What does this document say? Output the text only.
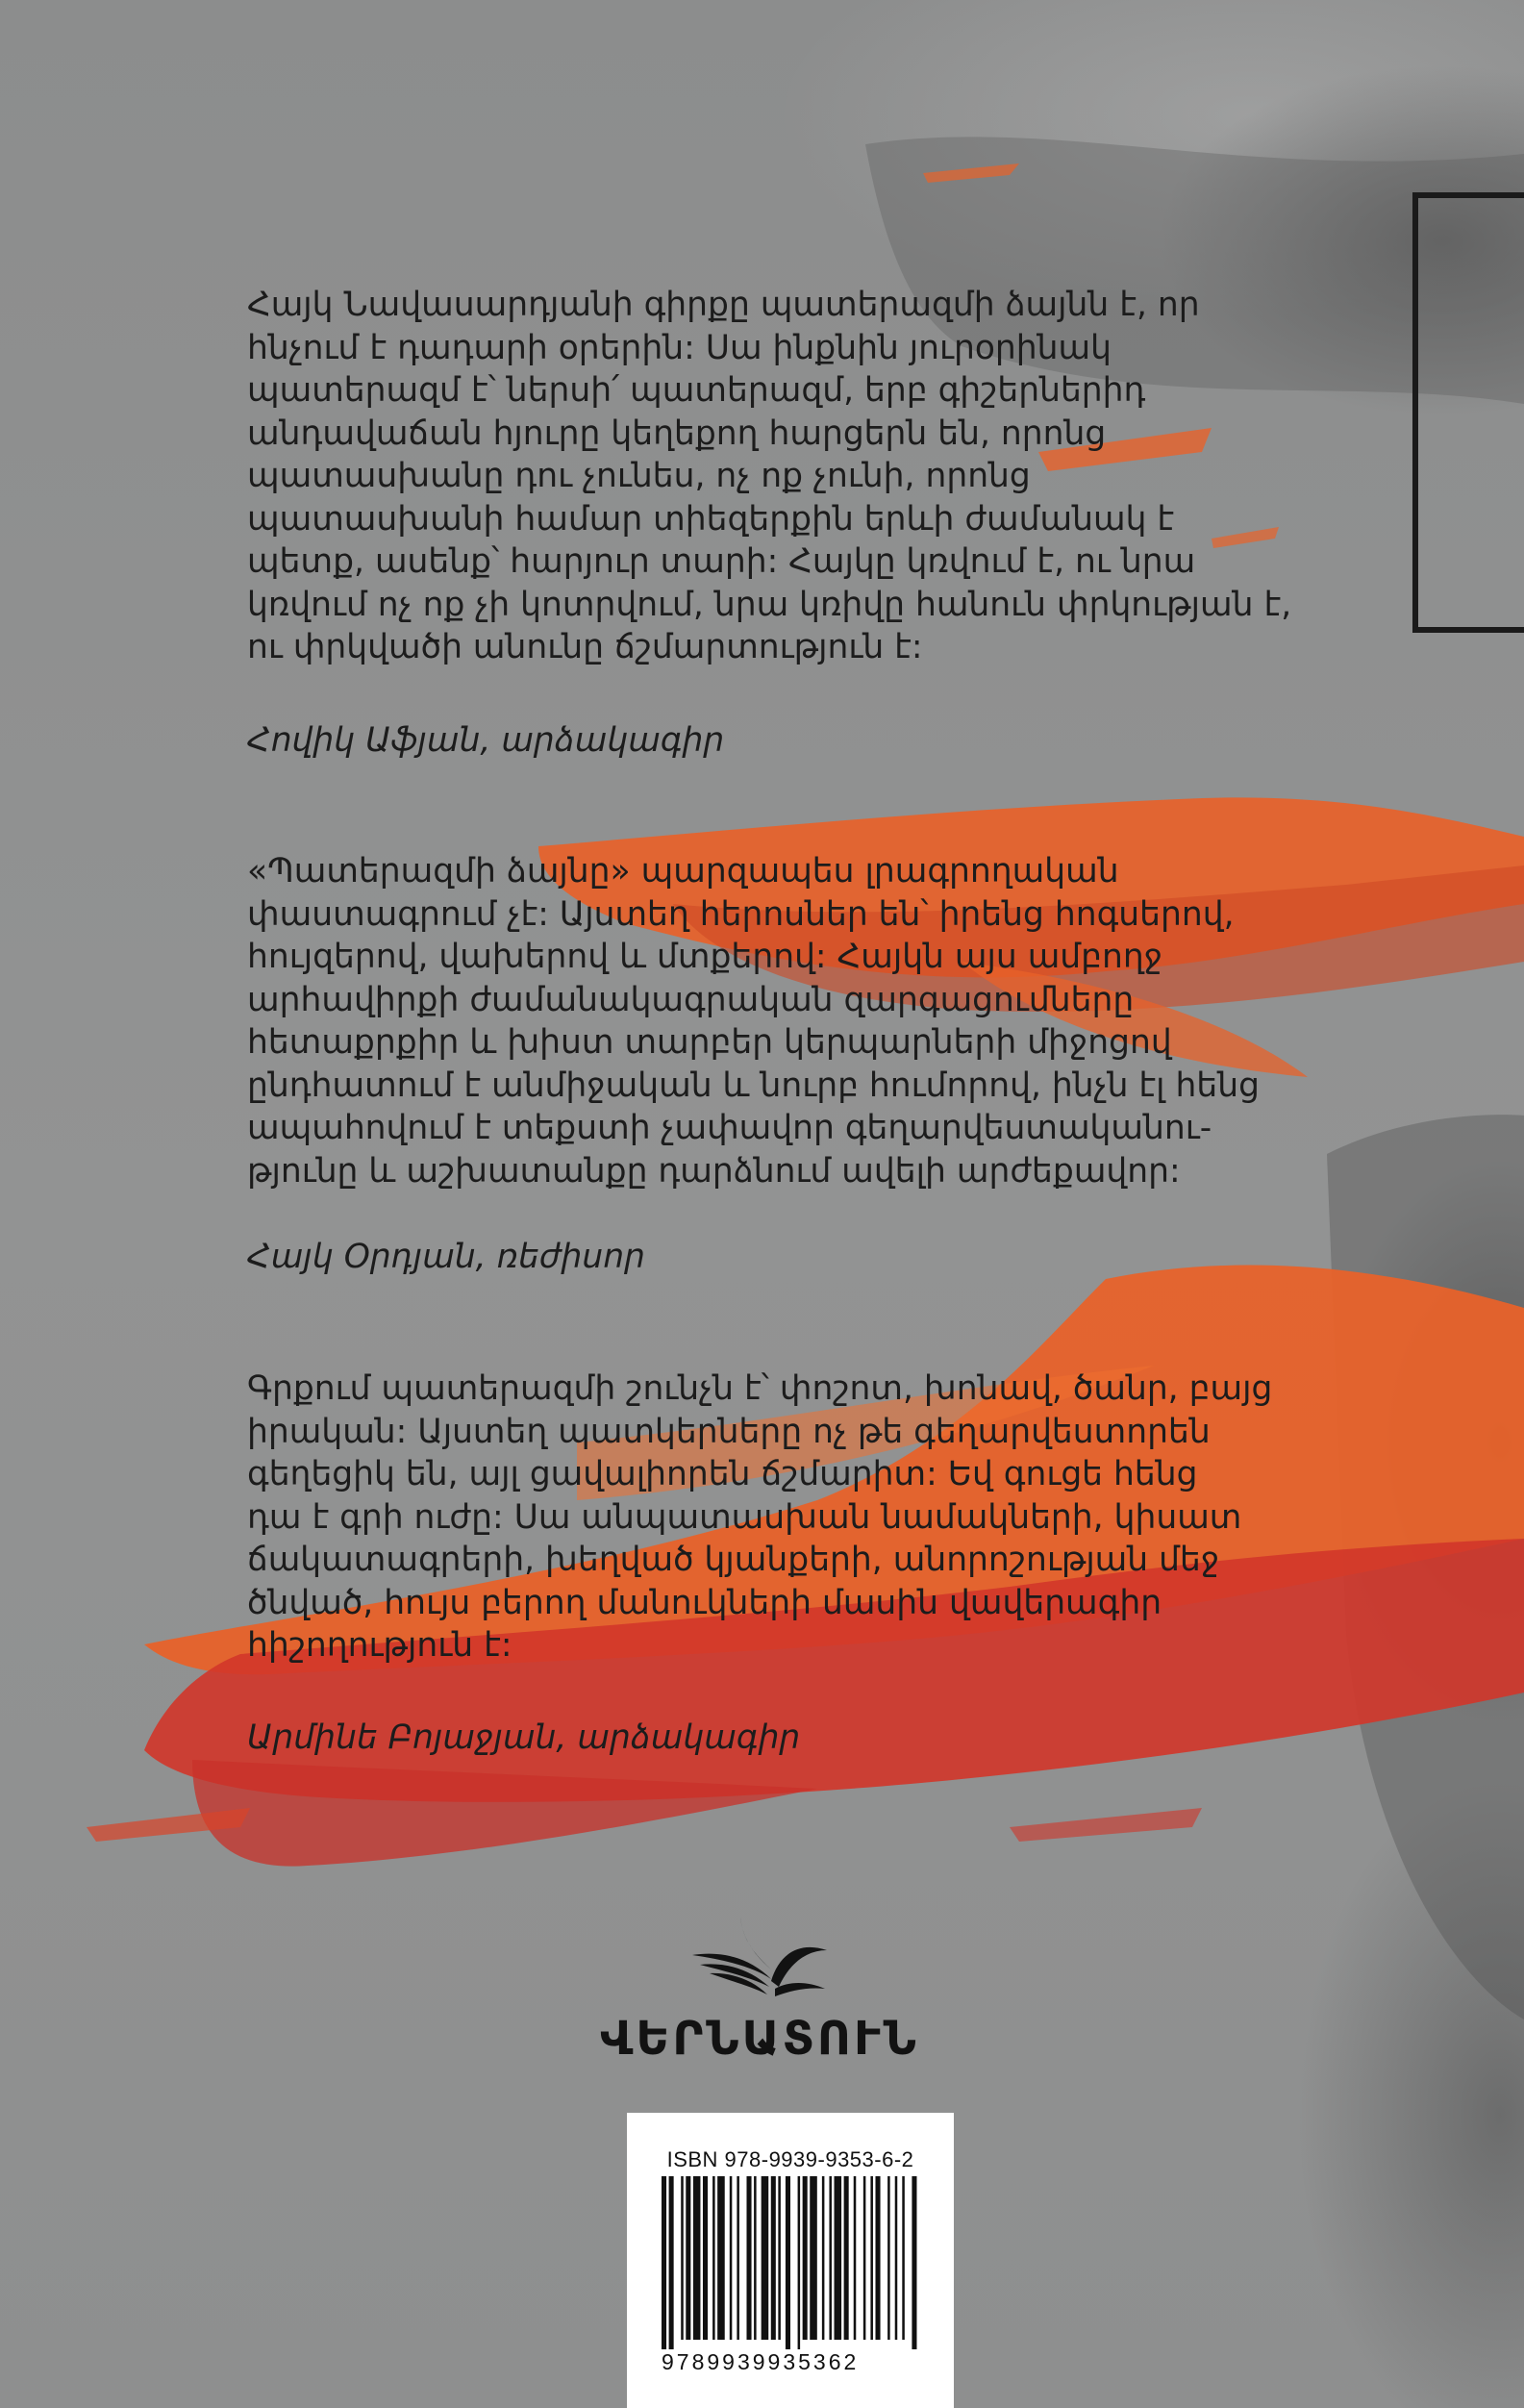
Հայկ Նավասարդյանի գիրքը պատերազմի ձայնն է, որ
հնչում է դադարի օրերին: Սա ինքնին յուրօրինակ
պատերազմ է՝ ներսի՛ պատերազմ, երբ գիշերներիդ
անդավաճան հյուրը կեղեքող հարցերն են, որոնց
պատասխանը դու չունես, ոչ ոք չունի, որոնց
պատասխանի համար տիեզերքին երևի ժամանակ է
պետք, ասենք՝ հարյուր տարի: Հայկը կռվում է, ու նրա
կռվում ոչ ոք չի կոտրվում, նրա կռիվը հանուն փրկության է,
ու փրկվածի անունը ճշմարտություն է:

Հովիկ Աֆյան, արձակագիր

«Պատերազմի ձայնը» պարզապես լրագրողական
փաստագրում չէ: Այստեղ հերոսներ են՝ իրենց հոգսերով,
հույզերով, վախերով և մտքերով: Հայկն այս ամբողջ
արհավիրքի ժամանակագրական զարգացումները
հետաքրքիր և խիստ տարբեր կերպարների միջոցով
ընդհատում է անմիջական և նուրբ հումորով, ինչն էլ հենց
ապահովում է տեքստի չափավոր գեղարվեստականու-
թյունը և աշխատանքը դարձնում ավելի արժեքավոր:

Հայկ Օրդյան, ռեժիսոր

Գրքում պատերազմի շունչն է՝ փոշոտ, խոնավ, ծանր, բայց
իրական: Այստեղ պատկերները ոչ թե գեղարվեստորեն
գեղեցիկ են, այլ ցավալիորեն ճշմարիտ: Եվ գուցե հենց
դա է գրի ուժը: Սա անպատասխան նամակների, կիսատ
ճակատագրերի, խեղված կյանքերի, անորոշության մեջ
ծնված, հույս բերող մանուկների մասին վավերագիր
հիշողություն է:

Արմինե Բոյաջյան, արձակագիր

ՎԵՐՆԱՏՈՒՆ
ISBN 978-9939-9353-6-2
9789939935362
